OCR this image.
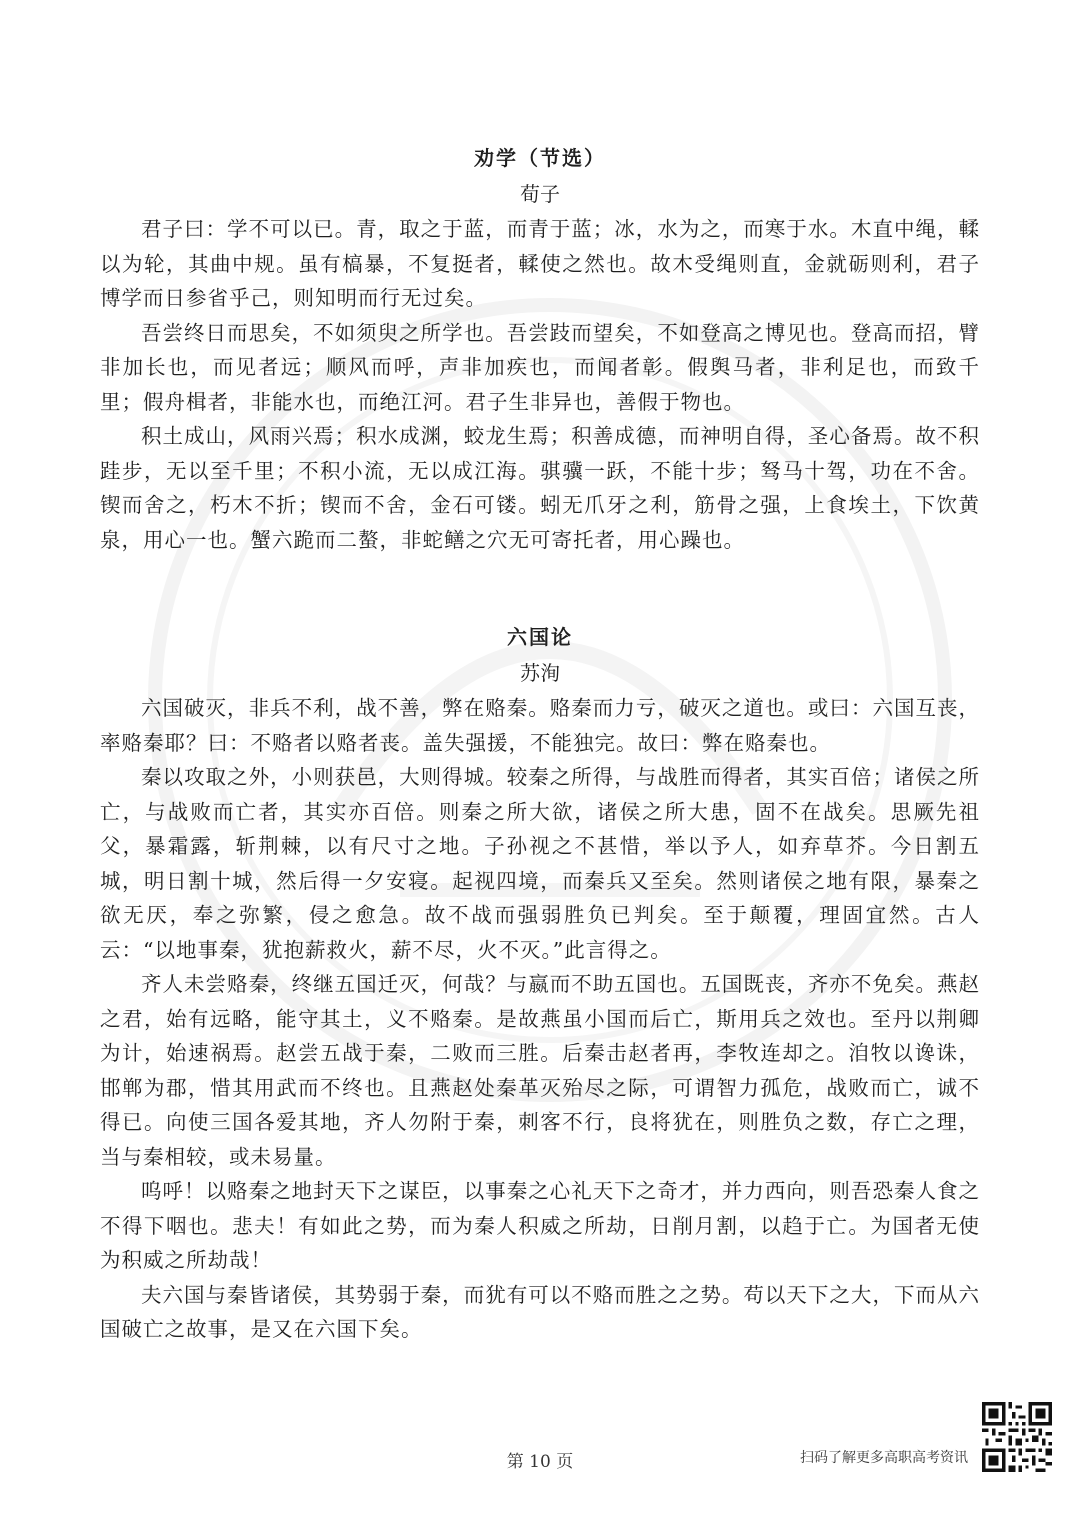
劝学（节选）

荀子

君子曰：学不可以已。青，取之于蓝，而青于蓝；冰，水为之，而寒于水。木直中绳，輮以为轮，其曲中规。虽有槁暴，不复挺者，輮使之然也。故木受绳则直，金就砺则利，君子博学而日参省乎己，则知明而行无过矣。

吾尝终日而思矣，不如须臾之所学也。吾尝跂而望矣，不如登高之博见也。登高而招，臂非加长也，而见者远；顺风而呼，声非加疾也，而闻者彰。假舆马者，非利足也，而致千里；假舟楫者，非能水也，而绝江河。君子生非异也，善假于物也。

积土成山，风雨兴焉；积水成渊，蛟龙生焉；积善成德，而神明自得，圣心备焉。故不积跬步，无以至千里；不积小流，无以成江海。骐骥一跃，不能十步；驽马十驾，功在不舍。锲而舍之，朽木不折；锲而不舍，金石可镂。蚓无爪牙之利，筋骨之强，上食埃土，下饮黄泉，用心一也。蟹六跪而二螯，非蛇鳝之穴无可寄托者，用心躁也。

六国论

苏洵

六国破灭，非兵不利，战不善，弊在赂秦。赂秦而力亏，破灭之道也。或曰：六国互丧，率赂秦耶？曰：不赂者以赂者丧。盖失强援，不能独完。故曰：弊在赂秦也。

秦以攻取之外，小则获邑，大则得城。较秦之所得，与战胜而得者，其实百倍；诸侯之所亡，与战败而亡者，其实亦百倍。则秦之所大欲，诸侯之所大患，固不在战矣。思厥先祖父，暴霜露，斩荆棘，以有尺寸之地。子孙视之不甚惜，举以予人，如弃草芥。今日割五城，明日割十城，然后得一夕安寝。起视四境，而秦兵又至矣。然则诸侯之地有限，暴秦之欲无厌，奉之弥繁，侵之愈急。故不战而强弱胜负已判矣。至于颠覆，理固宜然。古人云：“以地事秦，犹抱薪救火，薪不尽，火不灭。”此言得之。

齐人未尝赂秦，终继五国迁灭，何哉？与嬴而不助五国也。五国既丧，齐亦不免矣。燕赵之君，始有远略，能守其土，义不赂秦。是故燕虽小国而后亡，斯用兵之效也。至丹以荆卿为计，始速祸焉。赵尝五战于秦，二败而三胜。后秦击赵者再，李牧连却之。洎牧以谗诛，邯郸为郡，惜其用武而不终也。且燕赵处秦革灭殆尽之际，可谓智力孤危，战败而亡，诚不得已。向使三国各爱其地，齐人勿附于秦，刺客不行，良将犹在，则胜负之数，存亡之理，当与秦相较，或未易量。

呜呼！以赂秦之地封天下之谋臣，以事秦之心礼天下之奇才，并力西向，则吾恐秦人食之不得下咽也。悲夫！有如此之势，而为秦人积威之所劫，日削月割，以趋于亡。为国者无使为积威之所劫哉！

夫六国与秦皆诸侯，其势弱于秦，而犹有可以不赂而胜之之势。苟以天下之大，下而从六国破亡之故事，是又在六国下矣。

第 10 页	扫码了解更多高职高考资讯
